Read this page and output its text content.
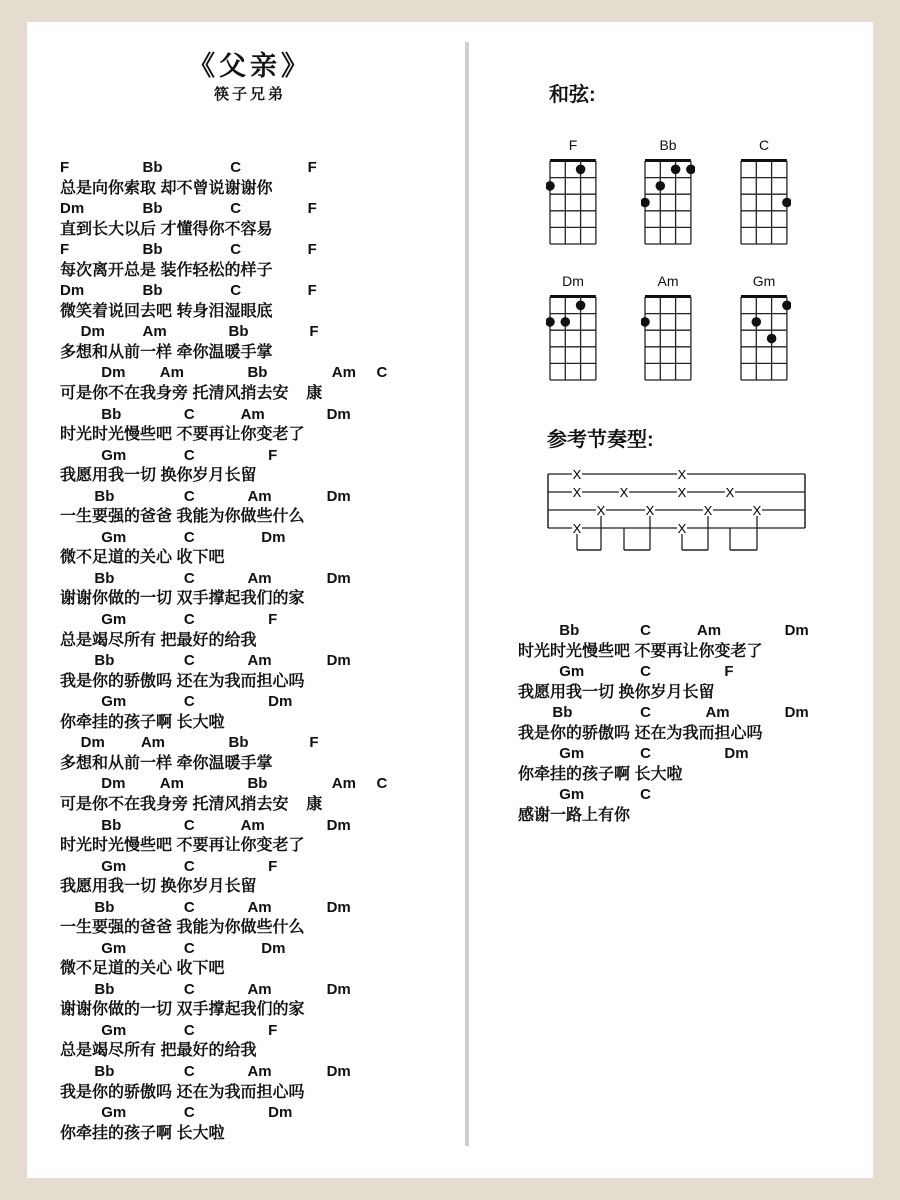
《父亲》
筷子兄弟
F	Bb	C	F
总是向你索取 却不曾说谢谢你
Dm	Bb	C	F
直到长大以后 才懂得你不容易
F	Bb	C	F
每次离开总是 装作轻松的样子
Dm	Bb	C	F
微笑着说回去吧 转身泪湿眼底
Dm	Am	Bb	F
多想和从前一样 牵你温暖手掌
Dm Am	Bb	Am C
可是你不在我身旁 托清风捎去安    康
Bb	C	Am	Dm
时光时光慢些吧 不要再让你变老了
Gm	C	F
我愿用我一切 换你岁月长留
Bb	C	Am	Dm
一生要强的爸爸 我能为你做些什么
Gm	C	Dm
微不足道的关心 收下吧
Bb	C	Am	Dm
谢谢你做的一切 双手撑起我们的家
Gm	C	F
总是竭尽所有 把最好的给我
Bb	C	Am	Dm
我是你的骄傲吗 还在为我而担心吗
Gm	C	Dm
你牵挂的孩子啊 长大啦
Dm Am	Bb	F
多想和从前一样 牵你温暖手掌
Dm Am	Bb	Am C
可是你不在我身旁 托清风捎去安    康
Bb	C	Am	Dm
时光时光慢些吧 不要再让你变老了
Gm	C	F
我愿用我一切 换你岁月长留
Bb	C	Am	Dm
一生要强的爸爸 我能为你做些什么
Gm	C	Dm
微不足道的关心 收下吧
Bb	C	Am	Dm
谢谢你做的一切 双手撑起我们的家
Gm	C	F
总是竭尽所有 把最好的给我
Bb	C	Am	Dm
我是你的骄傲吗 还在为我而担心吗
Gm	C	Dm
你牵挂的孩子啊 长大啦
Bb	C	Am	Dm
时光时光慢些吧 不要再让你变老了
Gm	C	F
我愿用我一切 换你岁月长留
Bb	C	Am	Dm
我是你的骄傲吗 还在为我而担心吗
Gm	C	Dm
你牵挂的孩子啊 长大啦
Gm	C
感谢一路上有你
和弦:
F	Bb	C
Dm	Am	Gm
参考节奏型:
X
X
X
X
X
X
X
X
X
X
X
X
